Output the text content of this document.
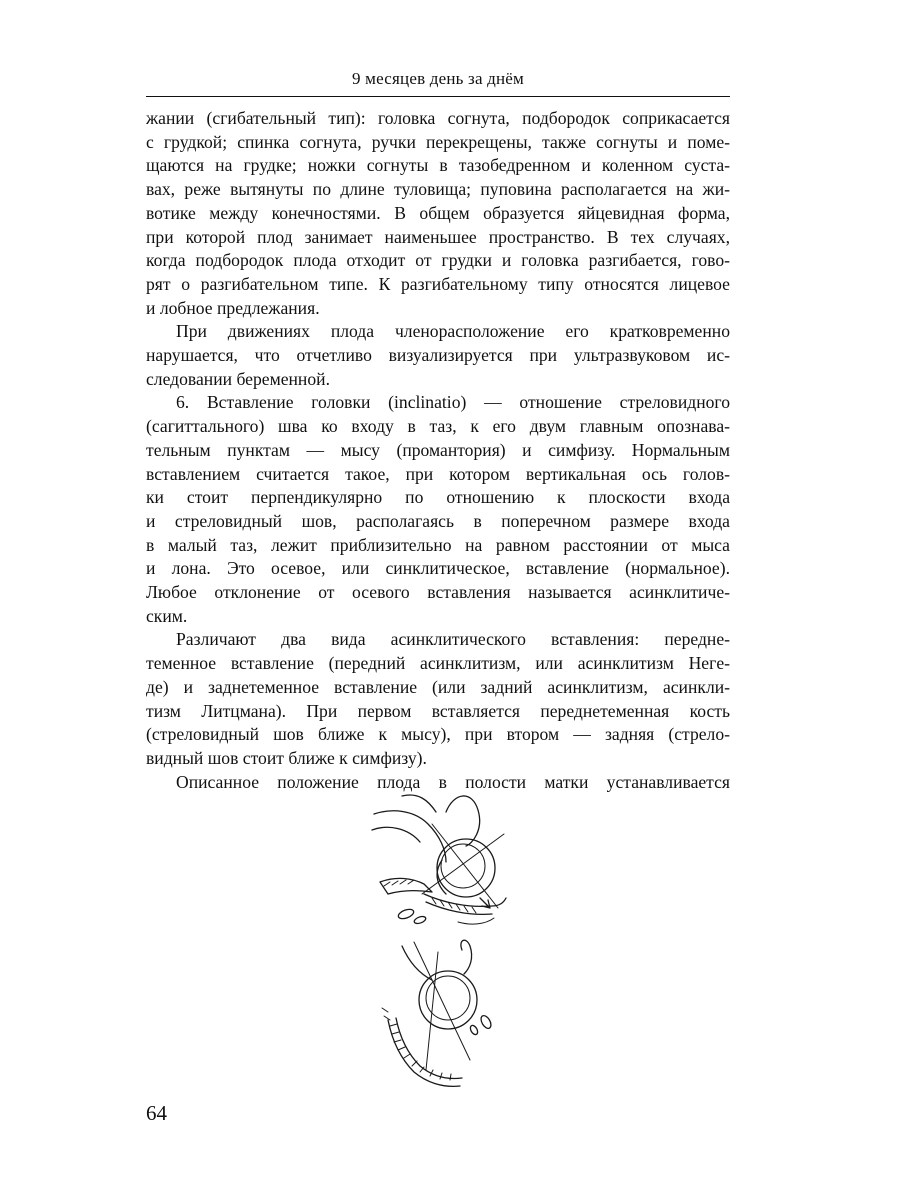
9 месяцев день за днём

жании (сгибательный тип): головка согнута, подбородок соприкасается
с грудкой; спинка согнута, ручки перекрещены, также согнуты и поме-
щаются на грудке; ножки согнуты в тазобедренном и коленном суста-
вах, реже вытянуты по длине туловища; пуповина располагается на жи-
вотике между конечностями. В общем образуется яйцевидная форма,
при которой плод занимает наименьшее пространство. В тех случаях,
когда подбородок плода отходит от грудки и головка разгибается, гово-
рят о разгибательном типе. К разгибательному типу относятся лицевое
и лобное предлежания.

При движениях плода членорасположение его кратковременно
нарушается, что отчетливо визуализируется при ультразвуковом ис-
следовании беременной.

6. Вставление головки (inclinatio) — отношение стреловидного
(сагиттального) шва ко входу в таз, к его двум главным опознава-
тельным пунктам — мысу (промантория) и симфизу. Нормальным
вставлением считается такое, при котором вертикальная ось голов-
ки стоит перпендикулярно по отношению к плоскости входа
и стреловидный шов, располагаясь в поперечном размере входа
в малый таз, лежит приблизительно на равном расстоянии от мыса
и лона. Это осевое, или синклитическое, вставление (нормальное).
Любое отклонение от осевого вставления называется асинклитиче-
ским.

Различают два вида асинклитического вставления: передне-
теменное вставление (передний асинклитизм, или асинклитизм Негe-
де) и заднетеменное вставление (или задний асинклитизм, асинкли-
тизм Литцмана). При первом вставляется переднетеменная кость
(стреловидный шов ближе к мысу), при втором — задняя (стрело-
видный шов стоит ближе к симфизу).

Описанное положение плода в полости матки устанавливается

64
